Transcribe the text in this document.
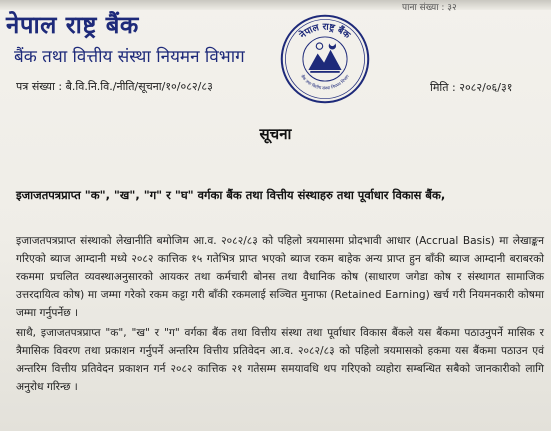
पाना संख्या : ३२
नेपाल राष्ट्र बैंक
बैंक तथा वित्तीय संस्था नियमन विभाग
नेपाल राष्ट्र बैंक
बैंक तथा वित्तीय संस्था नियमन विभाग
पत्र संख्या : बै.वि.नि.वि./नीति/सूचना/१०/०८२/८३	मिति : २०८२/०६/३१
सूचना
इजाजतपत्रप्राप्त "क", "ख", "ग" र "घ" वर्गका बैंक तथा वित्तीय संस्थाहरु तथा पूर्वाधार विकास बैंक,
इजाजतपत्रप्राप्त संस्थाको लेखानीति बमोजिम आ.व. २०८२/८३ को पहिलो त्रयमासमा प्रोदभावी आधार (Accrual Basis) मा लेखाङ्कन गरिएको ब्याज आम्दानी मध्ये २०८२ कात्तिक १५ गतेभित्र प्राप्त भएको ब्याज रकम बाहेक अन्य प्राप्त हुन बाँकी ब्याज आम्दानी बराबरको रकममा प्रचलित व्यवस्थाअनुसारको आयकर तथा कर्मचारी बोनस तथा वैधानिक कोष (साधारण जगेडा कोष र संस्थागत सामाजिक उत्तरदायित्व कोष) मा जम्मा गरेको रकम कट्टा गरी बाँकी रकमलाई सञ्चित मुनाफा (Retained Earning) खर्च गरी नियमनकारी कोषमा जम्मा गर्नुपर्नेछ ।
साथै, इजाजतपत्रप्राप्त "क", "ख" र "ग" वर्गका बैंक तथा वित्तीय संस्था तथा पूर्वाधार विकास बैंकले यस बैंकमा पठाउनुपर्ने मासिक र त्रैमासिक विवरण तथा प्रकाशन गर्नुपर्ने अन्तरिम वित्तीय प्रतिवेदन आ.व. २०८२/८३ को पहिलो त्रयमासको हकमा यस बैंकमा पठाउन एवं अन्तरिम वित्तीय प्रतिवेदन प्रकाशन गर्न २०८२ कात्तिक २१ गतेसम्म समयावधि थप गरिएको व्यहोरा सम्बन्धित सबैको जानकारीको लागि अनुरोध गरिन्छ ।
